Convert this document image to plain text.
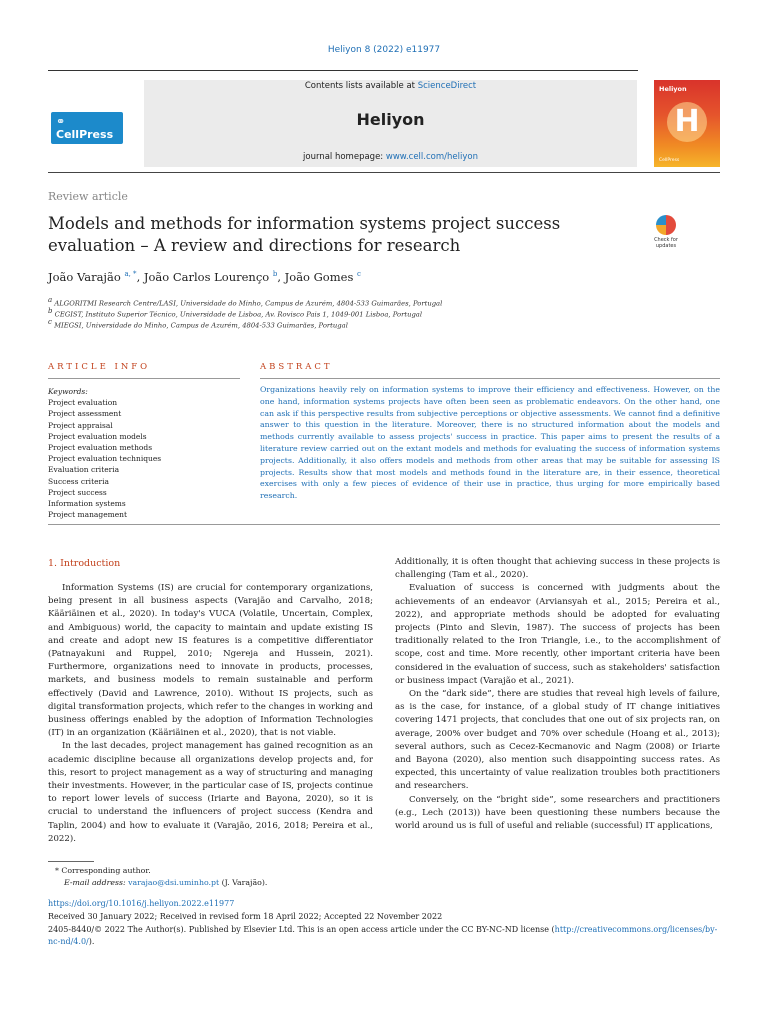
Heliyon 8 (2022) e11977
⚭ CellPress
Contents lists available at ScienceDirect
Heliyon
journal homepage: www.cell.com/heliyon
Heliyon
H
CellPress
Review article
Models and methods for information systems project success evaluation – A review and directions for research	Check for updates
João Varajão $^{a, *}$, João Carlos Lourenço $^b$, João Gomes $^c$
$^a$ ALGORITMI Research Centre/LASI, Universidade do Minho, Campus de Azurém, 4804-533 Guimarães, Portugal
$^b$ CEGIST, Instituto Superior Técnico, Universidade de Lisboa, Av. Rovisco Pais 1, 1049-001 Lisboa, Portugal
$^c$ MIEGSI, Universidade do Minho, Campus de Azurém, 4804-533 Guimarães, Portugal
ARTICLE INFO	ABSTRACT
Keywords:
Project evaluation
Project assessment
Project appraisal
Project evaluation models
Project evaluation methods
Project evaluation techniques
Evaluation criteria
Success criteria
Project success
Information systems
Project management
Organizations heavily rely on information systems to improve their efficiency and effectiveness. However, on the one hand, information systems projects have often been seen as problematic endeavors. On the other hand, one can ask if this perspective results from subjective perceptions or objective assessments. We cannot find a definitive answer to this question in the literature. Moreover, there is no structured information about the models and methods currently available to assess projects' success in practice. This paper aims to present the results of a literature review carried out on the extant models and methods for evaluating the success of information systems projects. Additionally, it also offers models and methods from other areas that may be suitable for assessing IS projects. Results show that most models and methods found in the literature are, in their essence, theoretical exercises with only a few pieces of evidence of their use in practice, thus urging for more empirically based research.
1. Introduction

Information Systems (IS) are crucial for contemporary organizations, being present in all business aspects (Varajão and Carvalho, 2018; Kääriäinen et al., 2020). In today's VUCA (Volatile, Uncertain, Complex, and Ambiguous) world, the capacity to maintain and update existing IS and create and adopt new IS features is a competitive differentiator (Patnayakuni and Ruppel, 2010; Ngereja and Hussein, 2021). Furthermore, organizations need to innovate in products, processes, markets, and business models to remain sustainable and perform effectively (David and Lawrence, 2010). Without IS projects, such as digital transformation projects, which refer to the changes in working and business offerings enabled by the adoption of Information Technologies (IT) in an organization (Kääriäinen et al., 2020), that is not viable.

In the last decades, project management has gained recognition as an academic discipline because all organizations develop projects and, for this, resort to project management as a way of structuring and managing their investments. However, in the particular case of IS, projects continue to report lower levels of success (Iriarte and Bayona, 2020), so it is crucial to understand the influencers of project success (Kendra and Taplin, 2004) and how to evaluate it (Varajão, 2016, 2018; Pereira et al., 2022).

Additionally, it is often thought that achieving success in these projects is challenging (Tam et al., 2020).

Evaluation of success is concerned with judgments about the achievements of an endeavor (Arviansyah et al., 2015; Pereira et al., 2022), and appropriate methods should be adopted for evaluating projects (Pinto and Slevin, 1987). The success of projects has been traditionally related to the Iron Triangle, i.e., to the accomplishment of scope, cost and time. More recently, other important criteria have been considered in the evaluation of success, such as stakeholders' satisfaction or business impact (Varajão et al., 2021).

On the “dark side”, there are studies that reveal high levels of failure, as is the case, for instance, of a global study of IT change initiatives covering 1471 projects, that concludes that one out of six projects ran, on average, 200% over budget and 70% over schedule (Hoang et al., 2013); several authors, such as Cecez-Kecmanovic and Nagm (2008) or Iriarte and Bayona (2020), also mention such disappointing success rates. As expected, this uncertainty of value realization troubles both practitioners and researchers.

Conversely, on the “bright side”, some researchers and practitioners (e.g., Lech (2013)) have been questioning these numbers because the world around us is full of useful and reliable (successful) IT applications,

* Corresponding author.
E-mail address: varajao@dsi.uminho.pt (J. Varajão).
https://doi.org/10.1016/j.heliyon.2022.e11977
Received 30 January 2022; Received in revised form 18 April 2022; Accepted 22 November 2022
2405-8440/© 2022 The Author(s). Published by Elsevier Ltd. This is an open access article under the CC BY-NC-ND license (http://creativecommons.org/licenses/by-nc-nd/4.0/).
